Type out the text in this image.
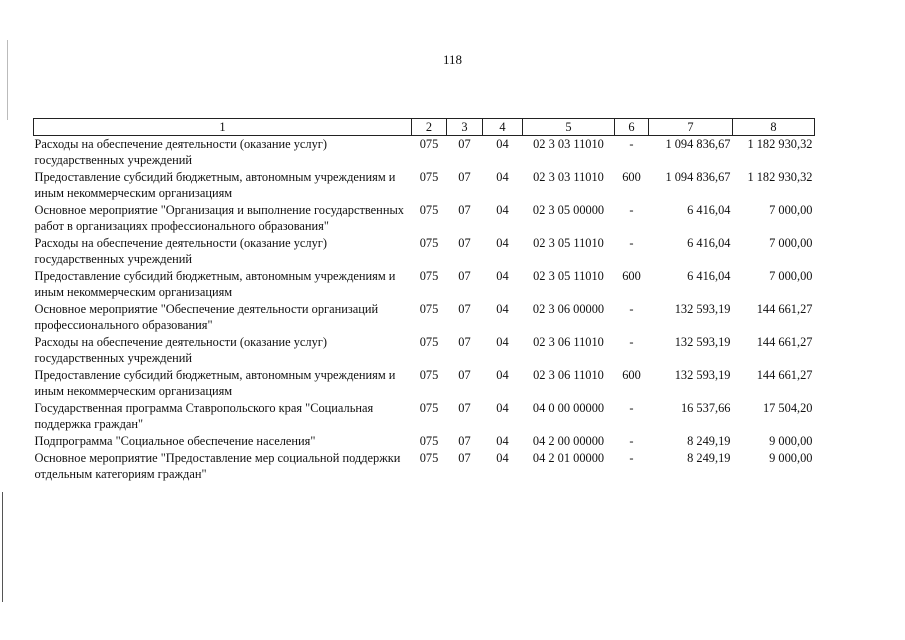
118
1	2	3	4	5	6	7	8
Расходы на обеспечение деятельности (оказание услуг) государственных учреждений	075	07	04	02 3 03 11010	-	1 094 836,67	1 182 930,32
Предоставление субсидий бюджетным, автономным учреждениям и иным некоммерческим организациям	075	07	04	02 3 03 11010	600	1 094 836,67	1 182 930,32
Основное мероприятие "Организация и выполнение государственных работ в организациях профессионального образования"	075	07	04	02 3 05 00000	-	6 416,04	7 000,00
Расходы на обеспечение деятельности (оказание услуг) государственных учреждений	075	07	04	02 3 05 11010	-	6 416,04	7 000,00
Предоставление субсидий бюджетным, автономным учреждениям и иным некоммерческим организациям	075	07	04	02 3 05 11010	600	6 416,04	7 000,00
Основное мероприятие "Обеспечение деятельности организаций профессионального образования"	075	07	04	02 3 06 00000	-	132 593,19	144 661,27
Расходы на обеспечение деятельности (оказание услуг) государственных учреждений	075	07	04	02 3 06 11010	-	132 593,19	144 661,27
Предоставление субсидий бюджетным, автономным учреждениям и иным некоммерческим организациям	075	07	04	02 3 06 11010	600	132 593,19	144 661,27
Государственная программа Ставропольского края "Социальная поддержка граждан"	075	07	04	04 0 00 00000	-	16 537,66	17 504,20
Подпрограмма "Социальное обеспечение населения"	075	07	04	04 2 00 00000	-	8 249,19	9 000,00
Основное мероприятие "Предоставление мер социальной поддержки отдельным категориям граждан"	075	07	04	04 2 01 00000	-	8 249,19	9 000,00
